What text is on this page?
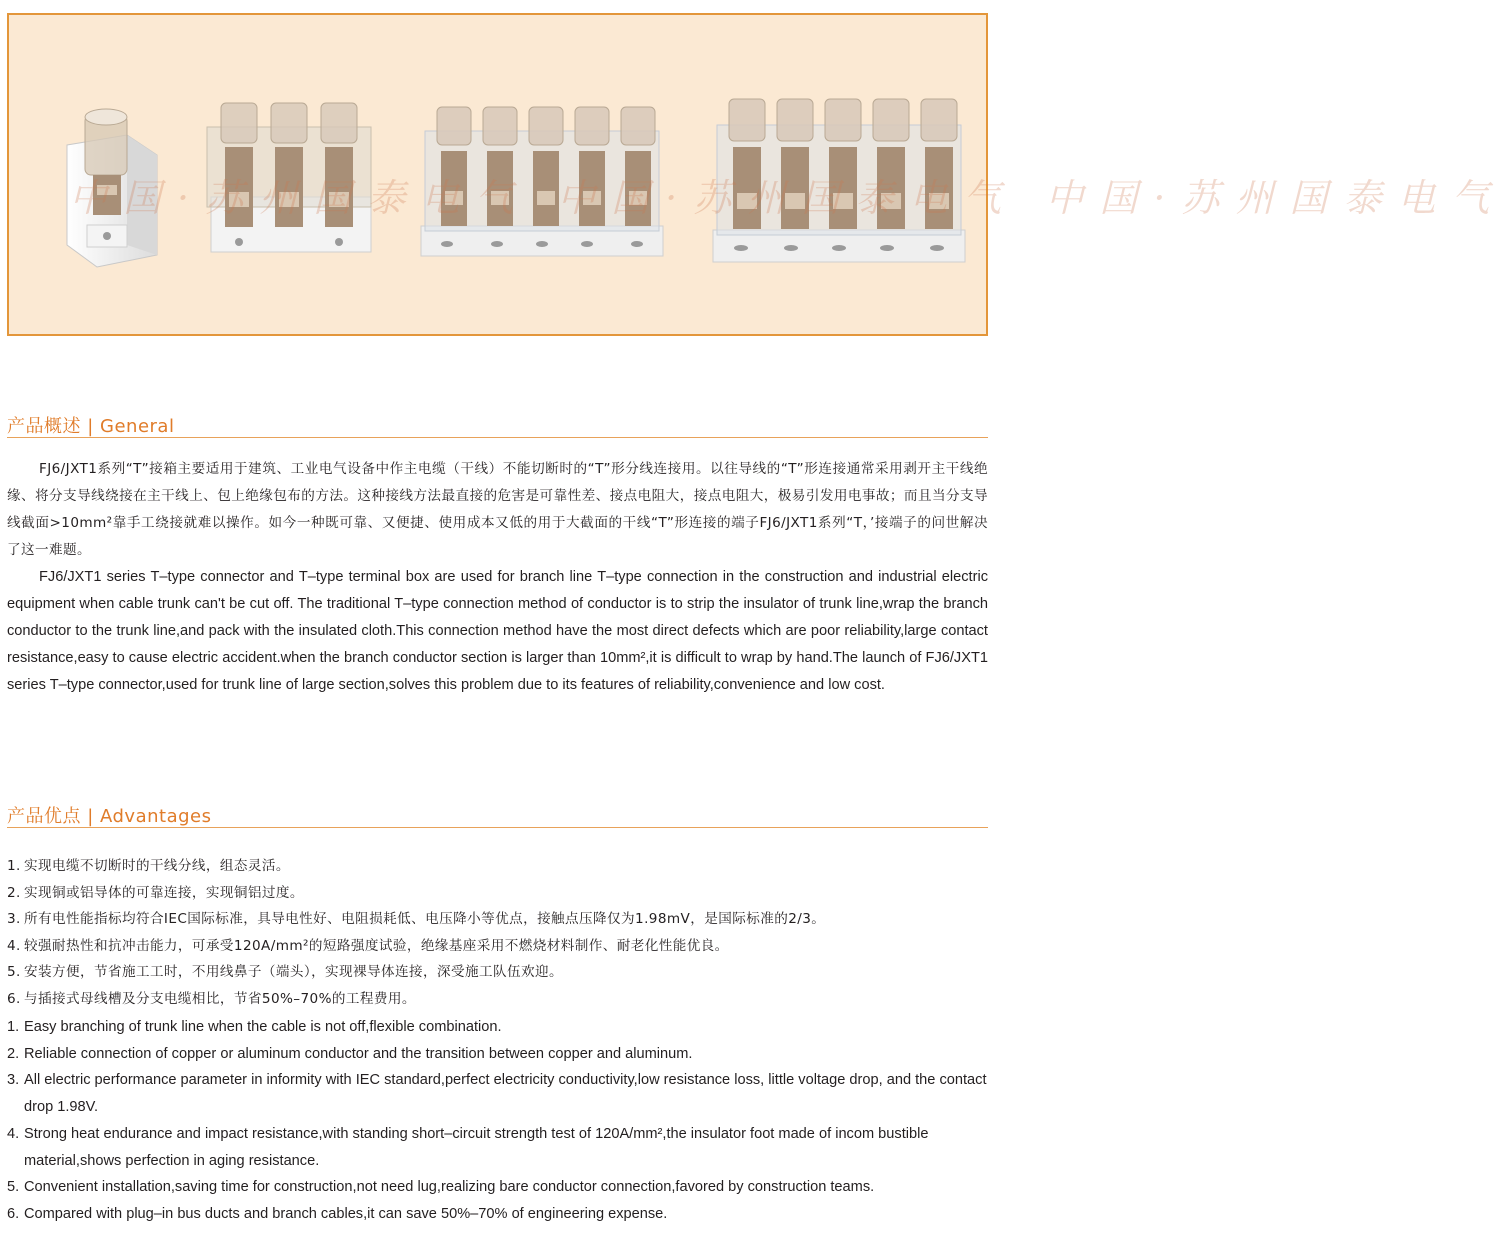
中国·苏州国泰电气 中国·苏州国泰电气 中国·苏州国泰电气
产品概述 | General

FJ6/JXT1系列“T”接箱主要适用于建筑、工业电气设备中作主电缆（干线）不能切断时的“T”形分线连接用。以往导线的“T”形连接通常采用剥开主干线绝缘、将分支导线绕接在主干线上、包上绝缘包布的方法。这种接线方法最直接的危害是可靠性差、接点电阻大，接点电阻大，极易引发用电事故；而且当分支导线截面>10mm²靠手工绕接就难以操作。如今一种既可靠、又便捷、使用成本又低的用于大截面的干线“T”形连接的端子FJ6/JXT1系列“T，’接端子的问世解决了这一难题。

FJ6/JXT1 series T–type connector and T–type terminal box are used for branch line T–type connection in the construction and industrial electric equipment when cable trunk can't be cut off. The traditional T–type connection method of conductor is to strip the insulator of trunk line,wrap the branch conductor to the trunk line,and pack with the insulated cloth.This connection method have the most direct defects which are poor reliability,large contact resistance,easy to cause electric accident.when the branch conductor section is larger than 10mm²,it is difficult to wrap by hand.The launch of FJ6/JXT1 series T–type connector,used for trunk line of large section,solves this problem due to its features of reliability,convenience and low cost.

产品优点 | Advantages
1. 实现电缆不切断时的干线分线，组态灵活。
2. 实现铜或铝导体的可靠连接，实现铜铝过度。
3. 所有电性能指标均符合IEC国际标准，具导电性好、电阻损耗低、电压降小等优点，接触点压降仅为1.98mV，是国际标准的2/3。
4. 较强耐热性和抗冲击能力，可承受120A/mm²的短路强度试验，绝缘基座采用不燃烧材料制作、耐老化性能优良。
5. 安装方便，节省施工工时，不用线鼻子（端头），实现裸导体连接，深受施工队伍欢迎。
6. 与插接式母线槽及分支电缆相比，节省50%–70%的工程费用。
1. Easy branching of trunk line when the cable is not off,flexible combination.
2. Reliable connection of copper or aluminum conductor and the transition between copper and aluminum.
3. All electric performance parameter in informity with IEC standard,perfect electricity conductivity,low resistance loss, little voltage drop, and the contact drop 1.98V.
4. Strong heat endurance and impact resistance,with standing short–circuit strength test of 120A/mm²,the insulator foot made of incom bustible material,shows perfection in aging resistance.
5. Convenient installation,saving time for construction,not need lug,realizing bare conductor connection,favored by construction teams.
6. Compared with plug–in bus ducts and branch cables,it can save 50%–70% of engineering expense.
